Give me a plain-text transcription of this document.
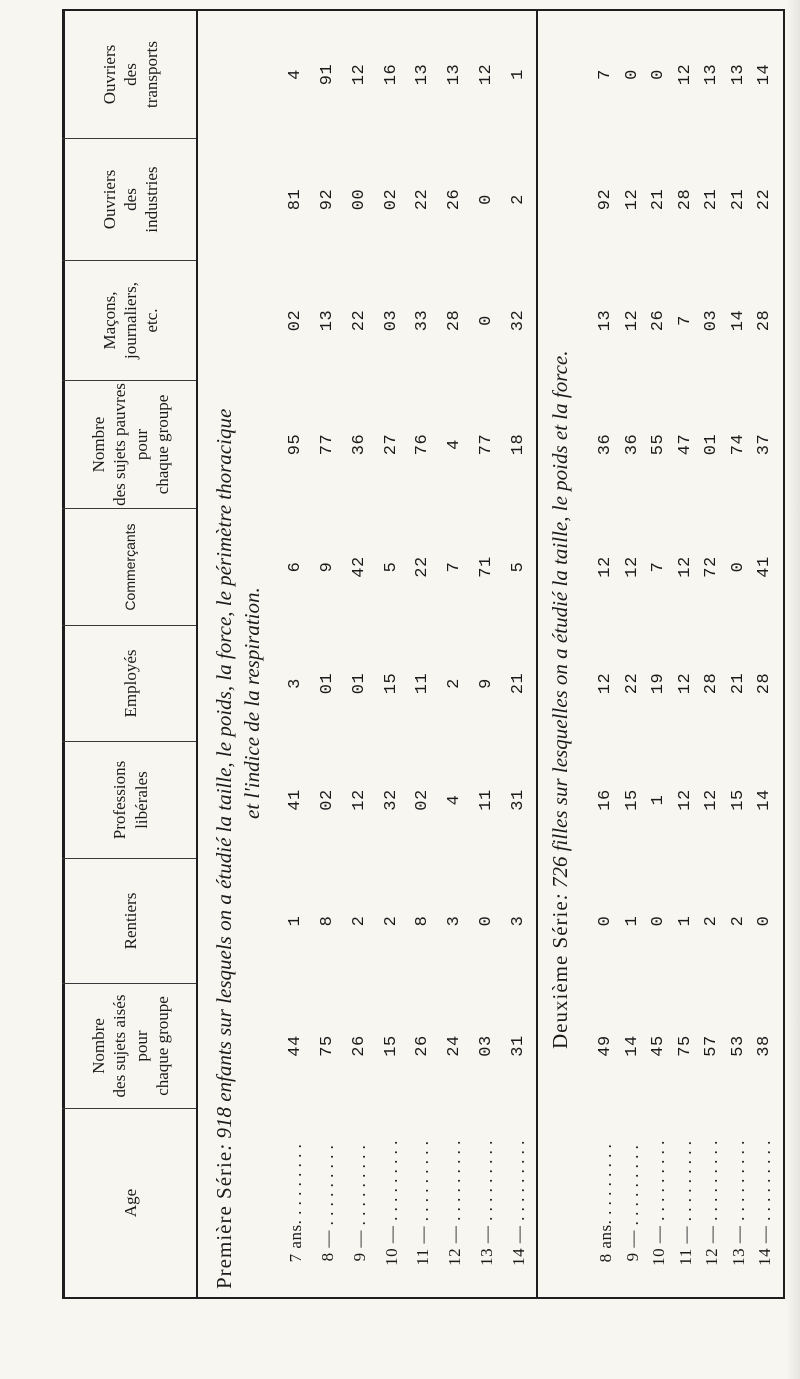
Age
Nombre des sujets aisés pour chaque groupe
Rentiers
Professions libérales
Employés
Commerçants
Nombre des sujets pauvres pour chaque groupe
Maçons, journaliers, etc.
Ouvriers des industries
Ouvriers des transports
Première Série: 918 enfants sur lesquels on a étudié la taille, le poids, la force, le périmètre thoracique et l'indice de la respiration.
Deuxième Série: 726 filles sur lesquelles on a étudié la taille, le poids et la force.
7 ans. . . . . . . . . 8 — . . . . . . . . . 9 — . . . . . . . . . 10 — . . . . . . . . . 11 — . . . . . . . . . 12 — . . . . . . . . . 13 — . . . . . . . . . 14 — . . . . . . . . .
44 75 26 15 26 24 03 31
1 8 2 2 8 3 0 3
41 02 12 32 02 4 11 31
3 01 01 15 11 2 9 21
6 9 42 5 22 7 71 5
95 77 36 27 76 4 77 18
02 13 22 03 33 28 0 32
81 92 00 02 22 26 0 2
4 91 12 16 13 13 12 1
8 ans. . . . . . . . . 9 — . . . . . . . . . 10 — . . . . . . . . . 11 — . . . . . . . . . 12 — . . . . . . . . . 13 — . . . . . . . . . 14 — . . . . . . . . .
49 14 45 75 57 53 38
0 1 0 1 2 2 0
16 15 1 12 12 15 14
12 22 19 12 28 21 28
12 12 7 12 72 0 41
36 36 55 47 01 74 37
13 12 26 7 03 14 28
92 12 21 28 21 21 22
7 0 0 12 13 13 14
